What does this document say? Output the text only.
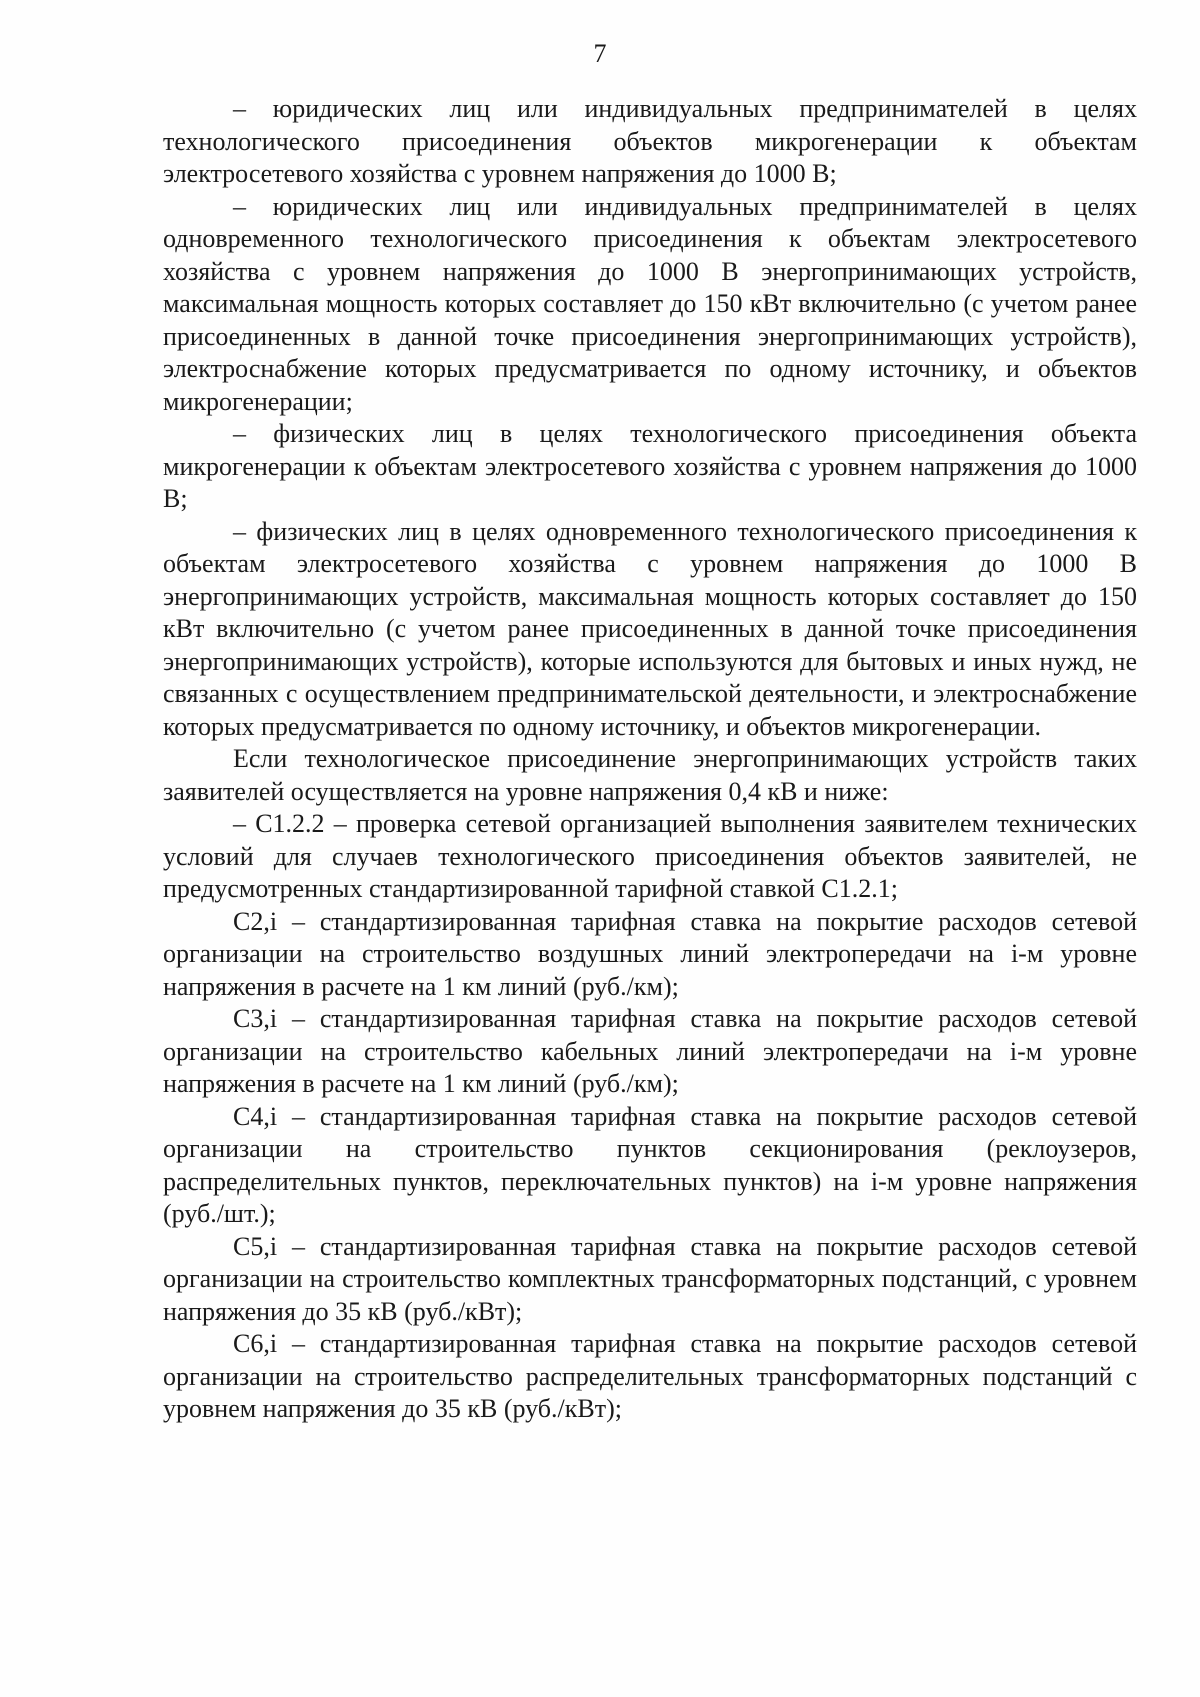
7

– юридических лиц или индивидуальных предпринимателей в целях технологического присоединения объектов микрогенерации к объектам электросетевого хозяйства с уровнем напряжения до 1000 В;

– юридических лиц или индивидуальных предпринимателей в целях одновременного технологического присоединения к объектам электросетевого хозяйства с уровнем напряжения до 1000 В энергопринимающих устройств, максимальная мощность которых составляет до 150 кВт включительно (с учетом ранее присоединенных в данной точке присоединения энергопринимающих устройств), электроснабжение которых предусматривается по одному источнику, и объектов микрогенерации;

– физических лиц в целях технологического присоединения объекта микрогенерации к объектам электросетевого хозяйства с уровнем напряжения до 1000 В;

– физических лиц в целях одновременного технологического присоединения к объектам электросетевого хозяйства с уровнем напряжения до 1000 В энергопринимающих устройств, максимальная мощность которых составляет до 150 кВт включительно (с учетом ранее присоединенных в данной точке присоединения энергопринимающих устройств), которые используются для бытовых и иных нужд, не связанных с осуществлением предпринимательской деятельности, и электроснабжение которых предусматривается по одному источнику, и объектов микрогенерации.

Если технологическое присоединение энергопринимающих устройств таких заявителей осуществляется на уровне напряжения 0,4 кВ и ниже:

– С1.2.2 – проверка сетевой организацией выполнения заявителем технических условий для случаев технологического присоединения объектов заявителей, не предусмотренных стандартизированной тарифной ставкой С1.2.1;

С2,i – стандартизированная тарифная ставка на покрытие расходов сетевой организации на строительство воздушных линий электропередачи на i-м уровне напряжения в расчете на 1 км линий (руб./км);

С3,i – стандартизированная тарифная ставка на покрытие расходов сетевой организации на строительство кабельных линий электропередачи на i-м уровне напряжения в расчете на 1 км линий (руб./км);

С4,i – стандартизированная тарифная ставка на покрытие расходов сетевой организации на строительство пунктов секционирования (реклоузеров, распределительных пунктов, переключательных пунктов) на i-м уровне напряжения (руб./шт.);

С5,i – стандартизированная тарифная ставка на покрытие расходов сетевой организации на строительство комплектных трансформаторных подстанций, с уровнем напряжения до 35 кВ (руб./кВт);

С6,i – стандартизированная тарифная ставка на покрытие расходов сетевой организации на строительство распределительных трансформаторных подстанций с уровнем напряжения до 35 кВ (руб./кВт);
